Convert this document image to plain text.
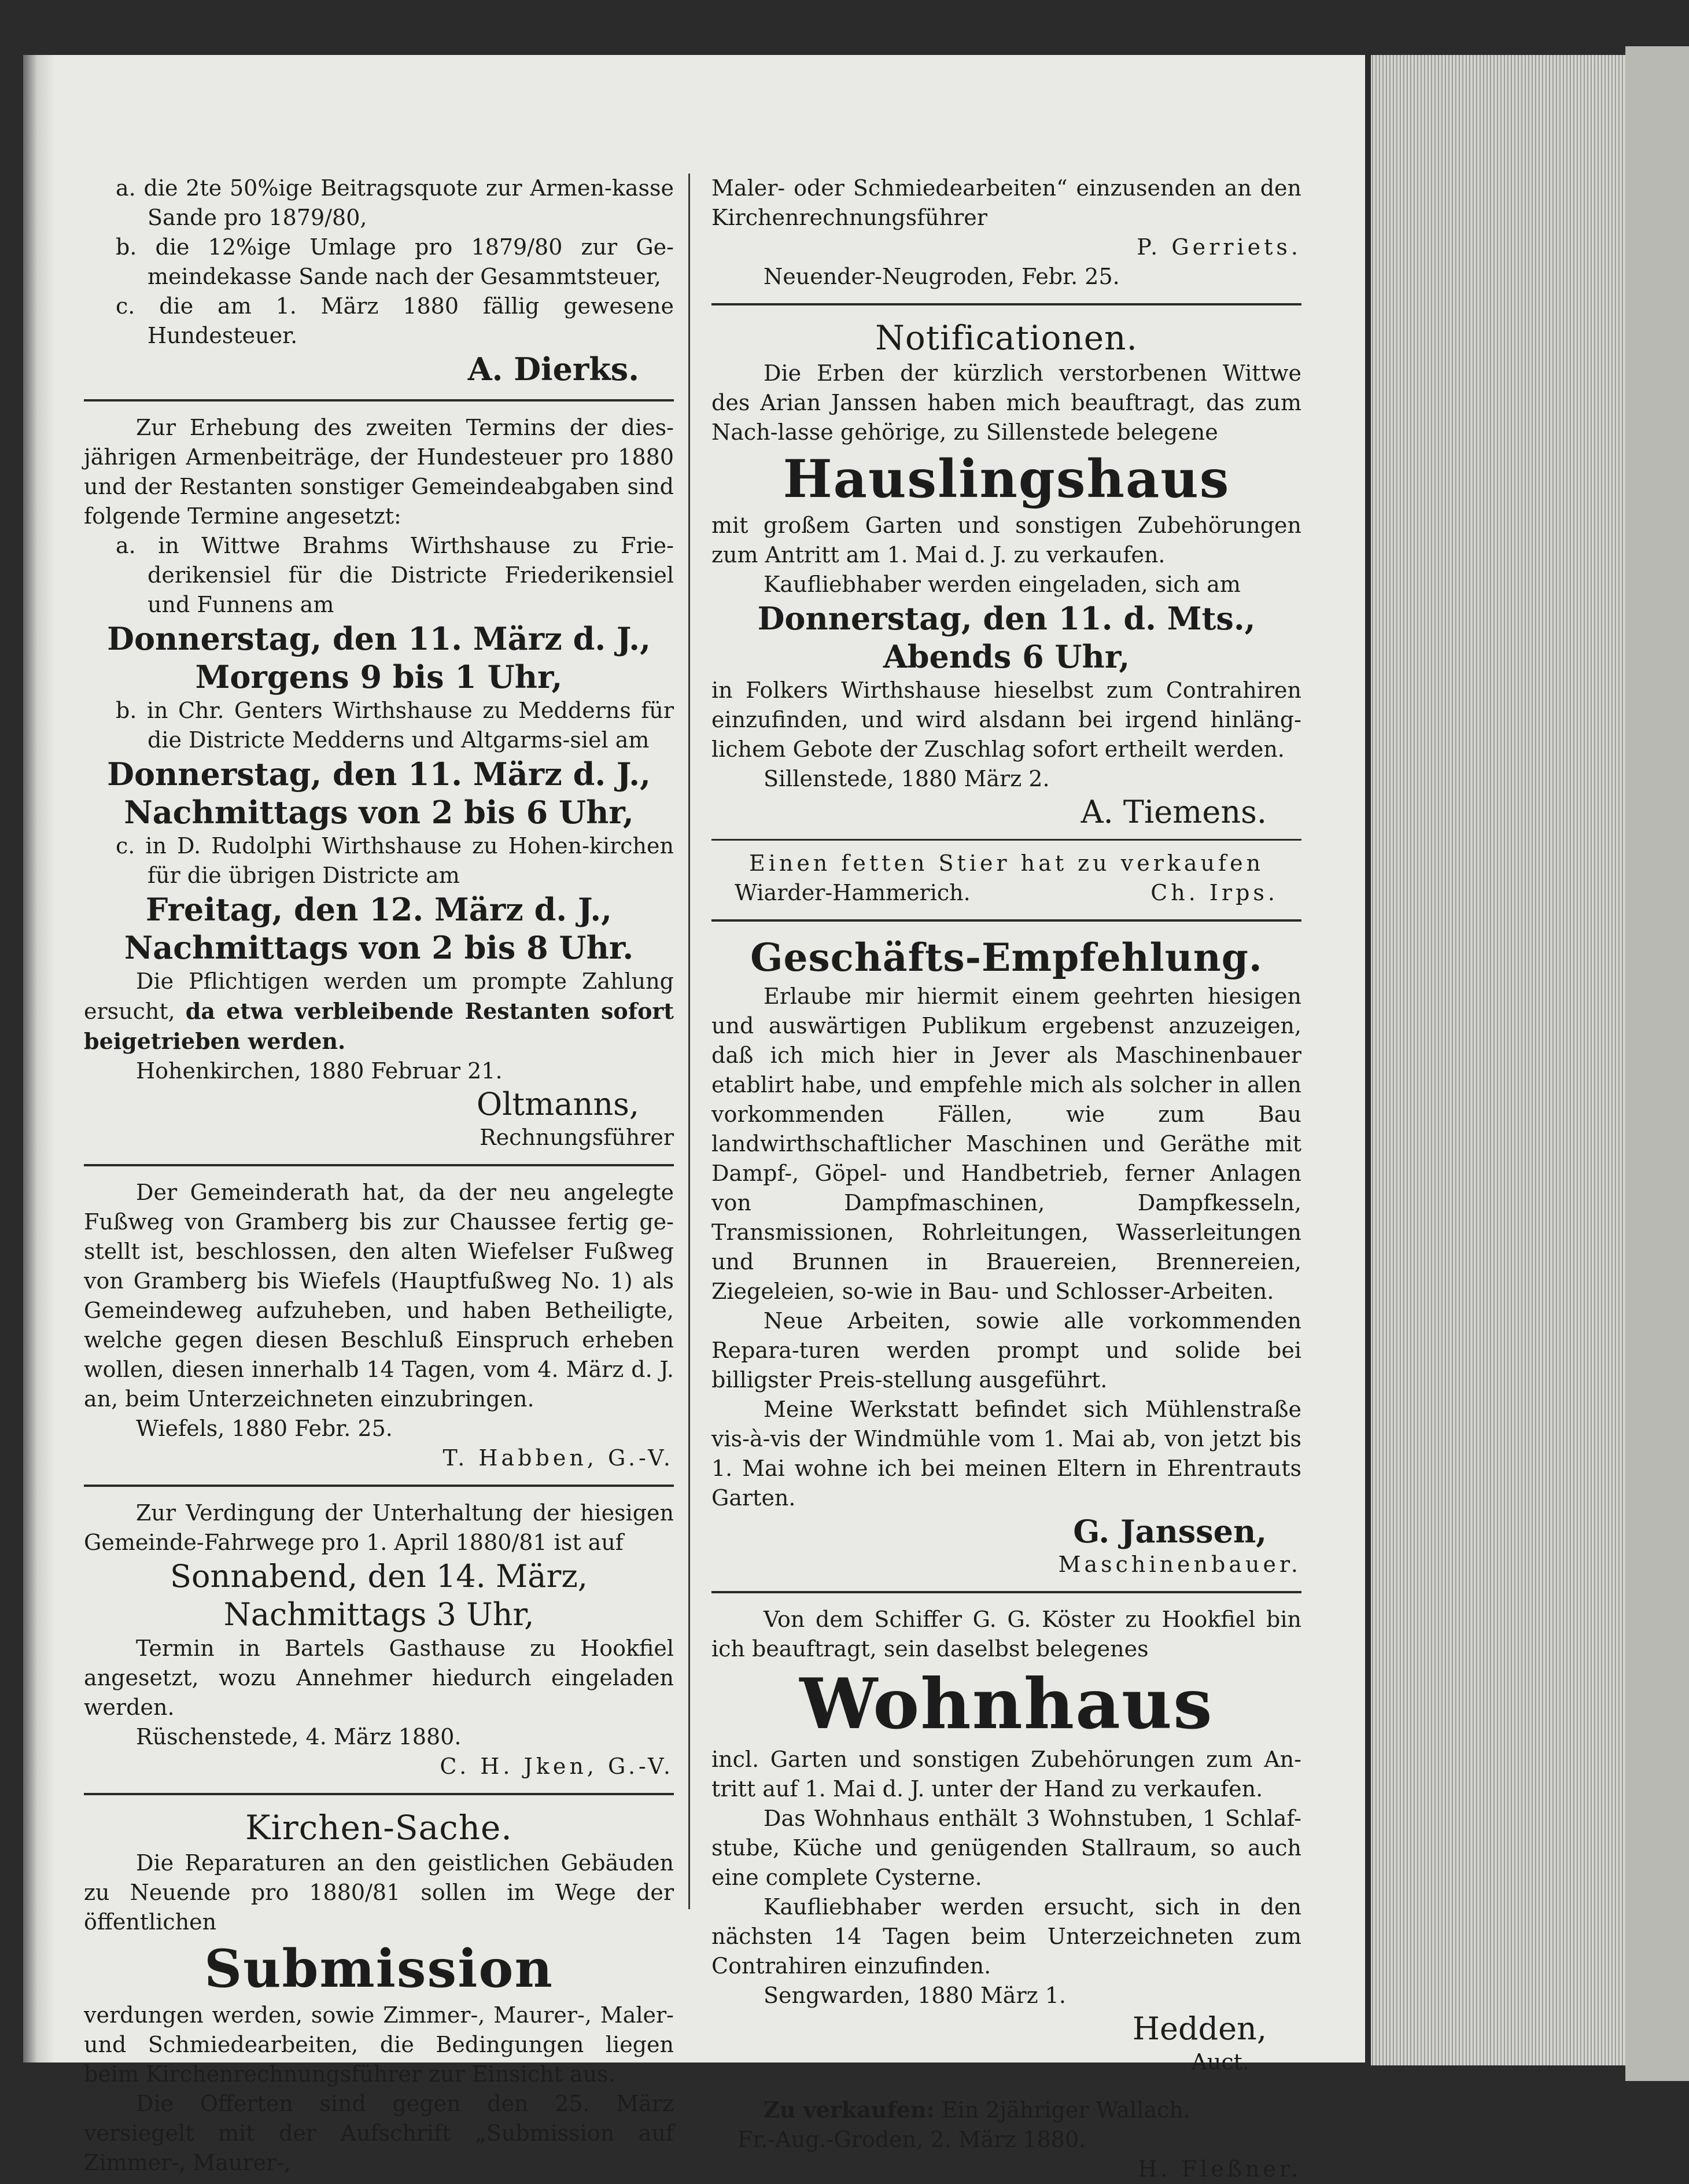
a. die 2te 50%ige Beitragsquote zur Armen-kasse Sande pro 1879/80,

b. die 12%ige Umlage pro 1879/80 zur Ge-meindekasse Sande nach der Gesammtsteuer,

c. die am 1. März 1880 fällig gewesene Hundesteuer.

A. Dierks.

Zur Erhebung des zweiten Termins der dies-jährigen Armenbeiträge, der Hundesteuer pro 1880 und der Restanten sonstiger Gemeindeabgaben sind folgende Termine angesetzt:

a. in Wittwe Brahms Wirthshause zu Frie-derikensiel für die Districte Friederikensiel und Funnens am

Donnerstag, den 11. März d. J.,

Morgens 9 bis 1 Uhr,

b. in Chr. Genters Wirthshause zu Medderns für die Districte Medderns und Altgarms-siel am

Donnerstag, den 11. März d. J.,

Nachmittags von 2 bis 6 Uhr,

c. in D. Rudolphi Wirthshause zu Hohen-kirchen für die übrigen Districte am

Freitag, den 12. März d. J.,

Nachmittags von 2 bis 8 Uhr.

Die Pflichtigen werden um prompte Zahlung ersucht, da etwa verbleibende Restanten sofort beigetrieben werden.

Hohenkirchen, 1880 Februar 21.

Oltmanns,

Rechnungsführer

Der Gemeinderath hat, da der neu angelegte Fußweg von Gramberg bis zur Chaussee fertig ge-stellt ist, beschlossen, den alten Wiefelser Fußweg von Gramberg bis Wiefels (Hauptfußweg No. 1) als Gemeindeweg aufzuheben, und haben Betheiligte, welche gegen diesen Beschluß Einspruch erheben wollen, diesen innerhalb 14 Tagen, vom 4. März d. J. an, beim Unterzeichneten einzubringen.

Wiefels, 1880 Febr. 25.

T. Habben, G.-V.

Zur Verdingung der Unterhaltung der hiesigen Gemeinde-Fahrwege pro 1. April 1880/81 ist auf

Sonnabend, den 14. März,

Nachmittags 3 Uhr,

Termin in Bartels Gasthause zu Hookfiel angesetzt, wozu Annehmer hiedurch eingeladen werden.

Rüschenstede, 4. März 1880.

C. H. Jken, G.-V.

Kirchen-Sache.

Die Reparaturen an den geistlichen Gebäuden zu Neuende pro 1880/81 sollen im Wege der öffentlichen

Submission

verdungen werden, sowie Zimmer-, Maurer-, Maler- und Schmiedearbeiten, die Bedingungen liegen beim Kirchenrechnungsführer zur Einsicht aus.

Die Offerten sind gegen den 25. März versiegelt mit der Aufschrift „Submission auf Zimmer-, Maurer-,

Maler- oder Schmiedearbeiten“ einzusenden an den Kirchenrechnungsführer

P. Gerriets.

Neuender-Neugroden, Febr. 25.

Notificationen.

Die Erben der kürzlich verstorbenen Wittwe des Arian Janssen haben mich beauftragt, das zum Nach-lasse gehörige, zu Sillenstede belegene

Hauslingshaus

mit großem Garten und sonstigen Zubehörungen zum Antritt am 1. Mai d. J. zu verkaufen.

Kaufliebhaber werden eingeladen, sich am

Donnerstag, den 11. d. Mts.,

Abends 6 Uhr,

in Folkers Wirthshause hieselbst zum Contrahiren einzufinden, und wird alsdann bei irgend hinläng-lichem Gebote der Zuschlag sofort ertheilt werden.

Sillenstede, 1880 März 2.

A. Tiemens.

Einen fetten Stier hat zu verkaufen

Wiarder-Hammerich.	Ch. Irps.

Geschäfts-Empfehlung.

Erlaube mir hiermit einem geehrten hiesigen und auswärtigen Publikum ergebenst anzuzeigen, daß ich mich hier in Jever als Maschinenbauer etablirt habe, und empfehle mich als solcher in allen vorkommenden Fällen, wie zum Bau landwirthschaftlicher Maschinen und Geräthe mit Dampf-, Göpel- und Handbetrieb, ferner Anlagen von Dampfmaschinen, Dampfkesseln, Transmissionen, Rohrleitungen, Wasserleitungen und Brunnen in Brauereien, Brennereien, Ziegeleien, so-wie in Bau- und Schlosser-Arbeiten.

Neue Arbeiten, sowie alle vorkommenden Repara-turen werden prompt und solide bei billigster Preis-stellung ausgeführt.

Meine Werkstatt befindet sich Mühlenstraße vis-à-vis der Windmühle vom 1. Mai ab, von jetzt bis 1. Mai wohne ich bei meinen Eltern in Ehrentrauts Garten.

G. Janssen,

Maschinenbauer.

Von dem Schiffer G. G. Köster zu Hookfiel bin ich beauftragt, sein daselbst belegenes

Wohnhaus

incl. Garten und sonstigen Zubehörungen zum An-tritt auf 1. Mai d. J. unter der Hand zu verkaufen.

Das Wohnhaus enthält 3 Wohnstuben, 1 Schlaf-stube, Küche und genügenden Stallraum, so auch eine complete Cysterne.

Kaufliebhaber werden ersucht, sich in den nächsten 14 Tagen beim Unterzeichneten zum Contrahiren einzufinden.

Sengwarden, 1880 März 1.

Hedden,

Auct.

Zu verkaufen: Ein 2jähriger Wallach.

Fr.-Aug.-Groden, 2. März 1880.

H. Fleßner.
